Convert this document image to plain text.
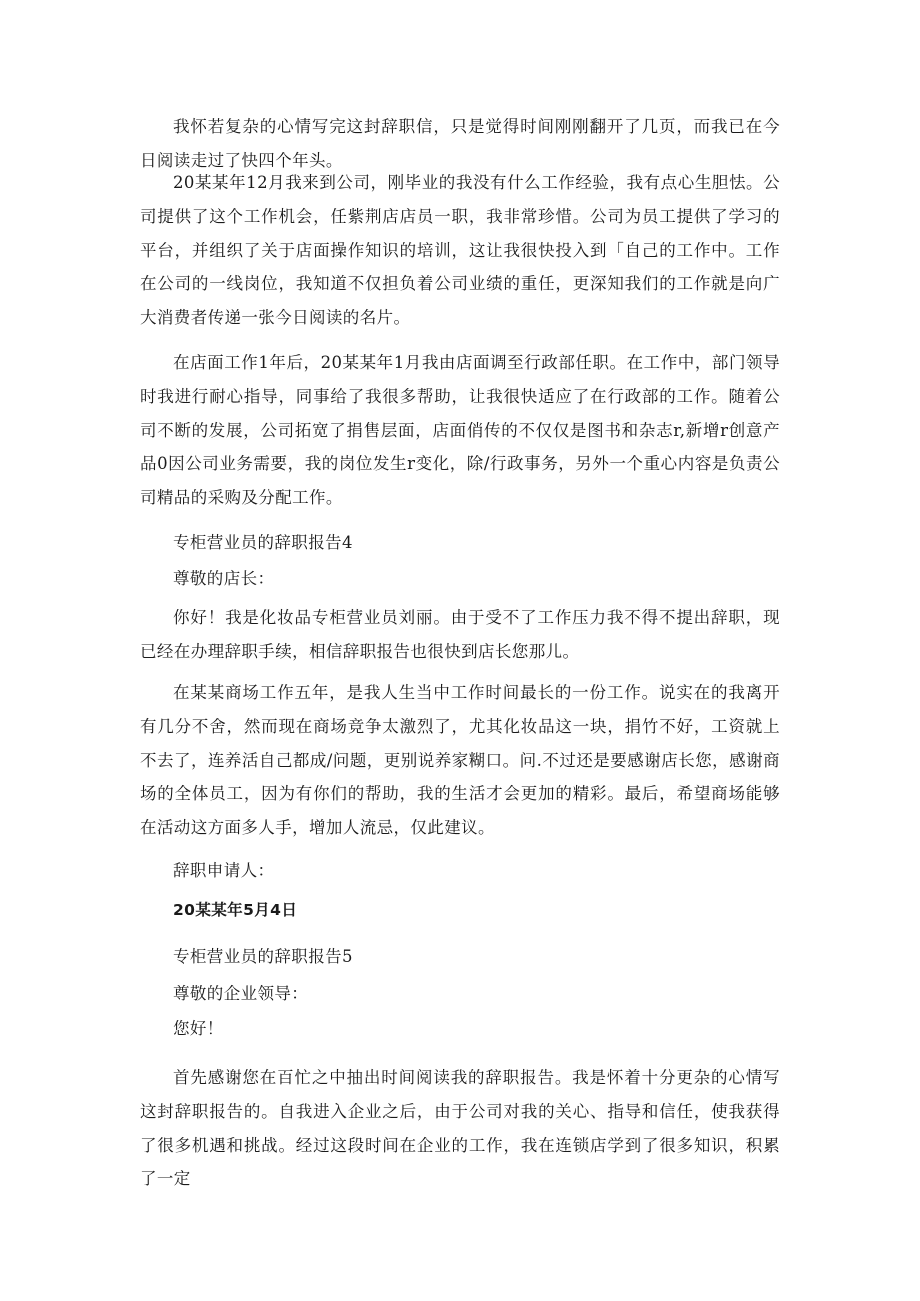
我怀若复杂的心情写完这封辞职信，只是觉得时间刚刚翻开了几页，而我已在今日阅读走过了快四个年头。

20某某年12月我来到公司，刚毕业的我没有什么工作经验，我有点心生胆怯。公司提供了这个工作机会，任紫荆店店员一职，我非常珍惜。公司为员工提供了学习的平台，并组织了关于店面操作知识的培训，这让我很快投入到「自己的工作中。工作在公司的一线岗位，我知道不仅担负着公司业绩的重任，更深知我们的工作就是向广大消费者传递一张今日阅读的名片。

在店面工作1年后，20某某年1月我由店面调至行政部任职。在工作中，部门领导时我进行耐心指导，同事给了我很多帮助，让我很快适应了在行政部的工作。随着公司不断的发展，公司拓宽了捐售层面，店面俏传的不仅仅是图书和杂志r,新增r创意产品0因公司业务需要，我的岗位发生r变化，除/行政事务，另外一个重心内容是负责公司精品的采购及分配工作。

专柜营业员的辞职报告4

尊敬的店长：

你好！我是化妆品专柜营业员刘丽。由于受不了工作压力我不得不提出辞职，现已经在办理辞职手续，相信辞职报告也很快到店长您那儿。

在某某商场工作五年，是我人生当中工作时间最长的一份工作。说实在的我离开有几分不舍，然而现在商场竞争太激烈了，尤其化妆品这一块，捐竹不好，工资就上不去了，连养活自己都成/问题，更别说养家糊口。问.不过还是要感谢店长您，感谢商场的全体员工，因为有你们的帮助，我的生活才会更加的精彩。最后，希望商场能够在活动这方面多人手，增加人流忌，仅此建议。

辞职申请人：

20某某年5月4日

专柜营业员的辞职报告5

尊敬的企业领导：

您好！

首先感谢您在百忙之中抽出时间阅读我的辞职报告。我是怀着十分更杂的心情写这封辞职报告的。自我进入企业之后，由于公司对我的关心、指导和信任，使我获得了很多机遇和挑战。经过这段时间在企业的工作，我在连锁店学到了很多知识，积累了一定
